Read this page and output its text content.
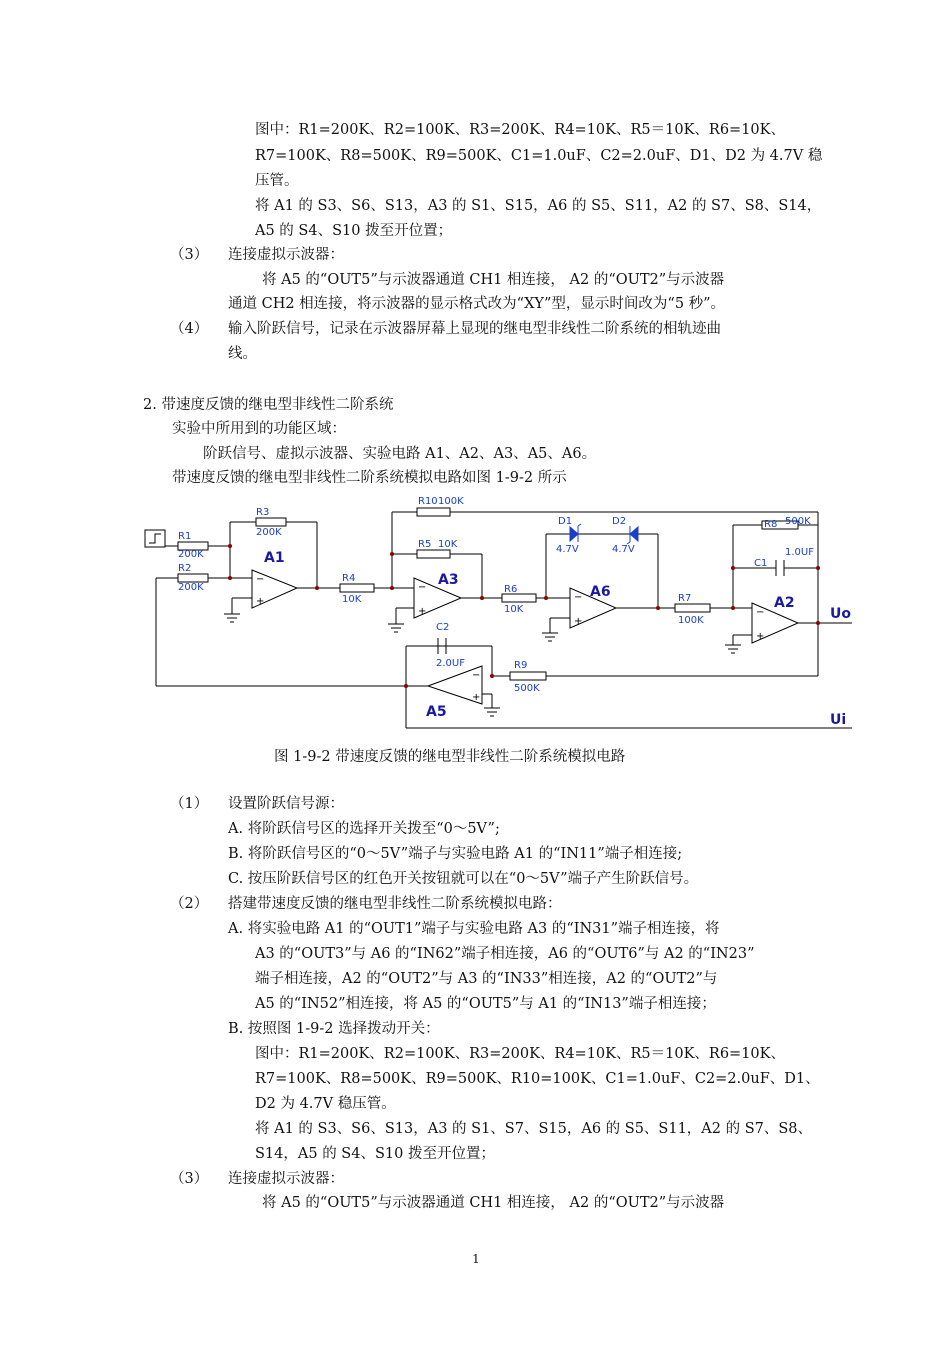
图中：R1=200K、R2=100K、R3=200K、R4=10K、R5＝10K、R6=10K、
R7=100K、R8=500K、R9=500K、C1=1.0uF、C2=2.0uF、D1、D2 为 4.7V 稳
压管。
将 A1 的 S3、S6、S13，A3 的 S1、S15，A6 的 S5、S11，A2 的 S7、S8、S14，
A5 的 S4、S10 拨至开位置；
（3） 连接虚拟示波器：
将 A5 的“OUT5”与示波器通道 CH1 相连接， A2 的“OUT2”与示波器
通道 CH2 相连接，将示波器的显示格式改为“XY”型，显示时间改为“5 秒”。
（4） 输入阶跃信号，记录在示波器屏幕上显现的继电型非线性二阶系统的相轨迹曲
线。
2. 带速度反馈的继电型非线性二阶系统
实验中所用到的功能区域：
阶跃信号、虚拟示波器、实验电路 A1、A2、A3、A5、A6。
带速度反馈的继电型非线性二阶系统模拟电路如图 1-9-2 所示
−
+
−
+
−
+
−
+
−
+
R1
200K
R2
200K
R3
200K
R4
10K
R10 100K
R5 10K
R6
10K
D1
4.7V
D2
4.7V
R7
100K
R8 500K
C1
1.0UF
C2
2.0UF	R9
500K
A1
A3
A6
A2
A5
Uo
Ui
图 1-9-2 带速度反馈的继电型非线性二阶系统模拟电路
（1） 设置阶跃信号源：
A. 将阶跃信号区的选择开关拨至“0～5V”;
B. 将阶跃信号区的“0～5V”端子与实验电路 A1 的“IN11”端子相连接;
C. 按压阶跃信号区的红色开关按钮就可以在“0～5V”端子产生阶跃信号。
（2） 搭建带速度反馈的继电型非线性二阶系统模拟电路：
A. 将实验电路 A1 的“OUT1”端子与实验电路 A3 的“IN31”端子相连接，将
A3 的“OUT3”与 A6 的“IN62”端子相连接，A6 的“OUT6”与 A2 的“IN23”
端子相连接，A2 的“OUT2”与 A3 的“IN33”相连接，A2 的“OUT2”与
A5 的“IN52”相连接，将 A5 的“OUT5”与 A1 的“IN13”端子相连接；
B. 按照图 1-9-2 选择拨动开关：
图中：R1=200K、R2=100K、R3=200K、R4=10K、R5＝10K、R6=10K、
R7=100K、R8=500K、R9=500K、R10=100K、C1=1.0uF、C2=2.0uF、D1、
D2 为 4.7V 稳压管。
将 A1 的 S3、S6、S13，A3 的 S1、S7、S15，A6 的 S5、S11，A2 的 S7、S8、
S14，A5 的 S4、S10 拨至开位置；
（3） 连接虚拟示波器：
将 A5 的“OUT5”与示波器通道 CH1 相连接， A2 的“OUT2”与示波器
1
